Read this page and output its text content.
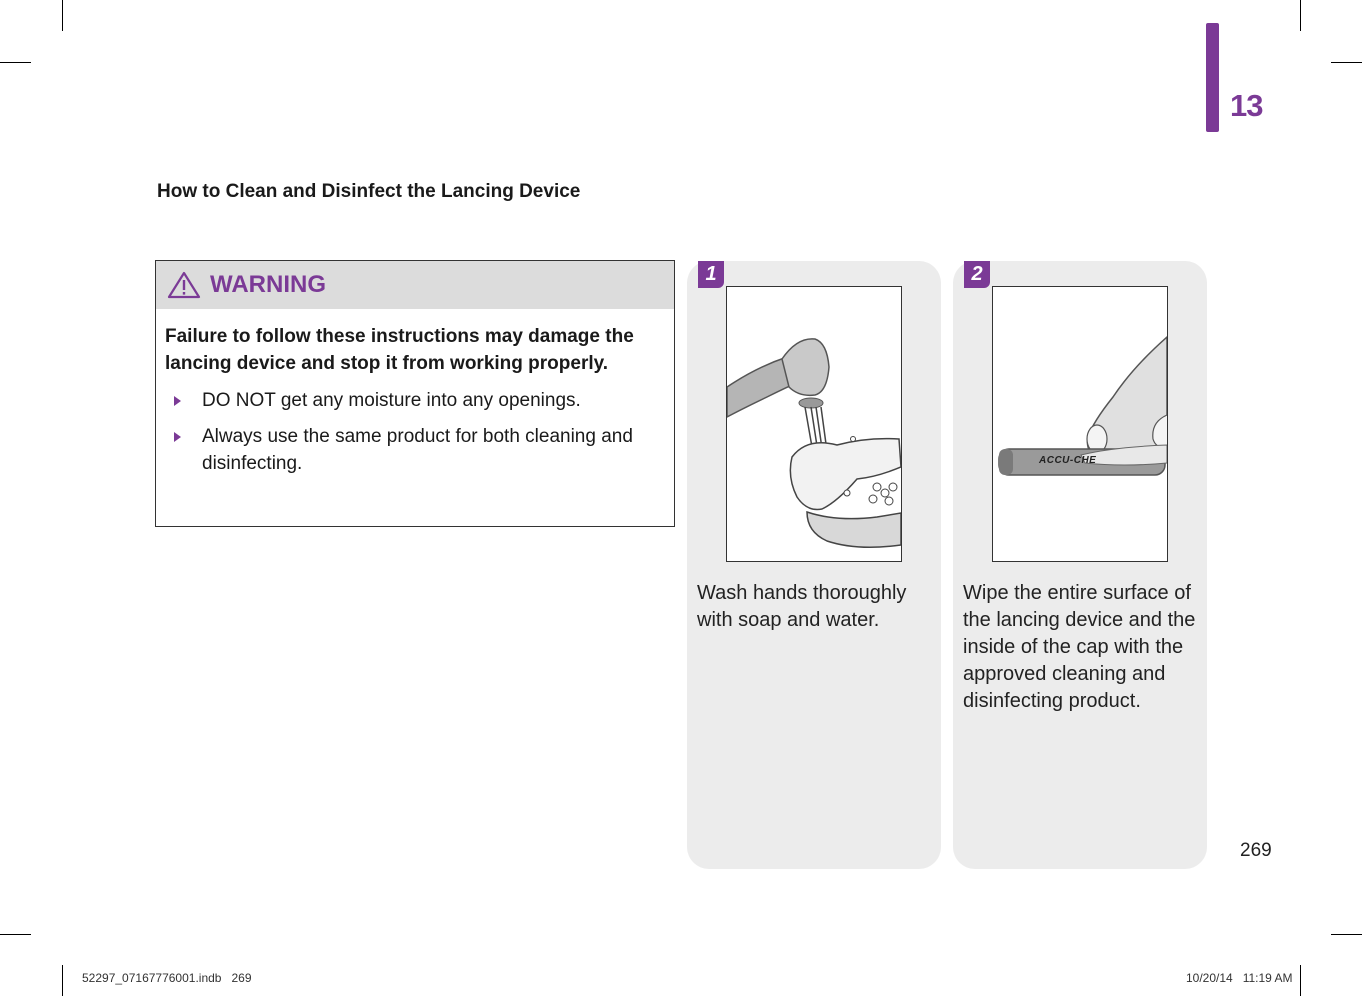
13
How to Clean and Disinfect the Lancing Device
WARNING
Failure to follow these instructions may damage the lancing device and stop it from working properly.
DO NOT get any moisture into any openings.
Always use the same product for both cleaning and disinfecting.
1
Wash hands thoroughly with soap and water.
2
ACCU-CHE
Wipe the entire surface of the lancing device and the inside of the cap with the approved cleaning and disinfecting product.
269
52297_07167776001.indb   269	10/20/14   11:19 AM
